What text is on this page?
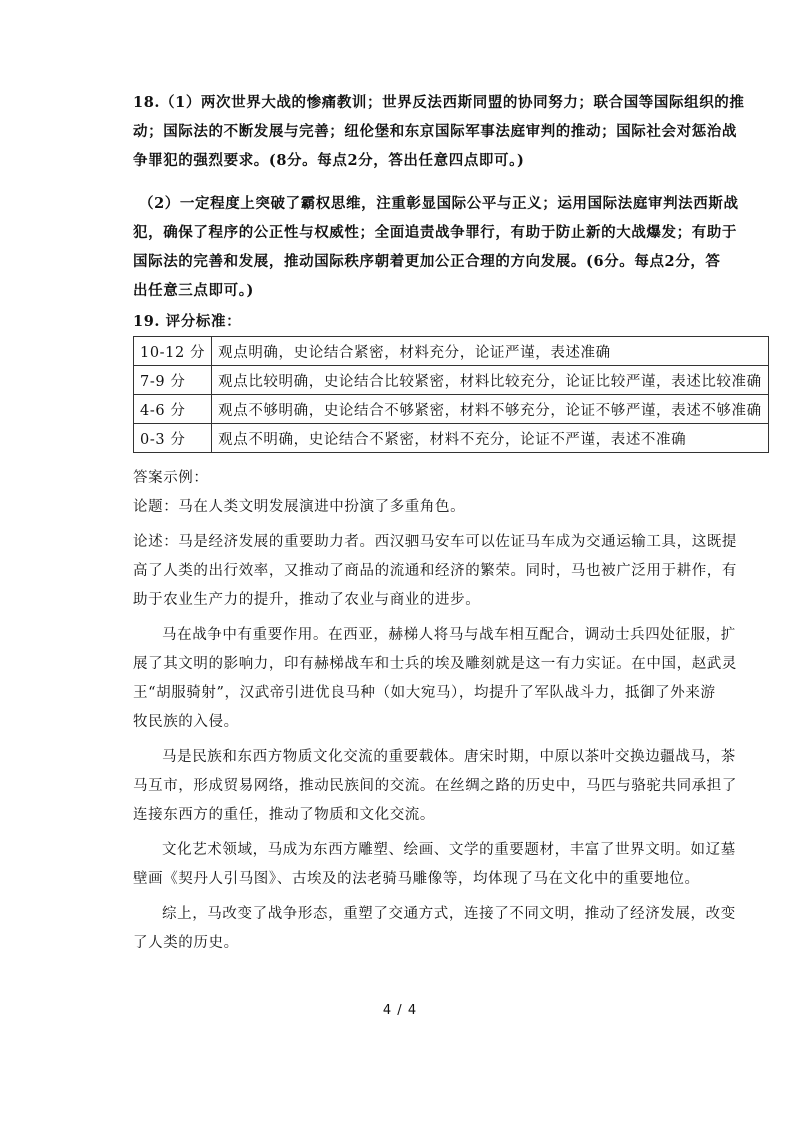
18.（1）两次世界大战的惨痛教训；世界反法西斯同盟的协同努力；联合国等国际组织的推
动；国际法的不断发展与完善；纽伦堡和东京国际军事法庭审判的推动；国际社会对惩治战
争罪犯的强烈要求。(8分。每点2分，答出任意四点即可。)
（2）一定程度上突破了霸权思维，注重彰显国际公平与正义；运用国际法庭审判法西斯战
犯，确保了程序的公正性与权威性；全面追责战争罪行，有助于防止新的大战爆发；有助于
国际法的完善和发展，推动国际秩序朝着更加公正合理的方向发展。(6分。每点2分，答
出任意三点即可。)
19. 评分标准：
10-12 分	观点明确，史论结合紧密，材料充分，论证严谨，表述准确
7-9 分	观点比较明确，史论结合比较紧密，材料比较充分，论证比较严谨，表述比较准确
4-6 分	观点不够明确，史论结合不够紧密，材料不够充分，论证不够严谨，表述不够准确
0-3 分	观点不明确，史论结合不紧密，材料不充分，论证不严谨，表述不准确
答案示例：
论题：马在人类文明发展演进中扮演了多重角色。
论述：马是经济发展的重要助力者。西汉驷马安车可以佐证马车成为交通运输工具，这既提
高了人类的出行效率，又推动了商品的流通和经济的繁荣。同时，马也被广泛用于耕作，有
助于农业生产力的提升，推动了农业与商业的进步。
马在战争中有重要作用。在西亚，赫梯人将马与战车相互配合，调动士兵四处征服，扩
展了其文明的影响力，印有赫梯战车和士兵的埃及雕刻就是这一有力实证。在中国，赵武灵
王“胡服骑射”，汉武帝引进优良马种（如大宛马），均提升了军队战斗力，抵御了外来游
牧民族的入侵。
马是民族和东西方物质文化交流的重要载体。唐宋时期，中原以茶叶交换边疆战马，茶
马互市，形成贸易网络，推动民族间的交流。在丝绸之路的历史中，马匹与骆驼共同承担了
连接东西方的重任，推动了物质和文化交流。
文化艺术领域，马成为东西方雕塑、绘画、文学的重要题材，丰富了世界文明。如辽墓
壁画《契丹人引马图》、古埃及的法老骑马雕像等，均体现了马在文化中的重要地位。
综上，马改变了战争形态，重塑了交通方式，连接了不同文明，推动了经济发展，改变
了人类的历史。
4 / 4
